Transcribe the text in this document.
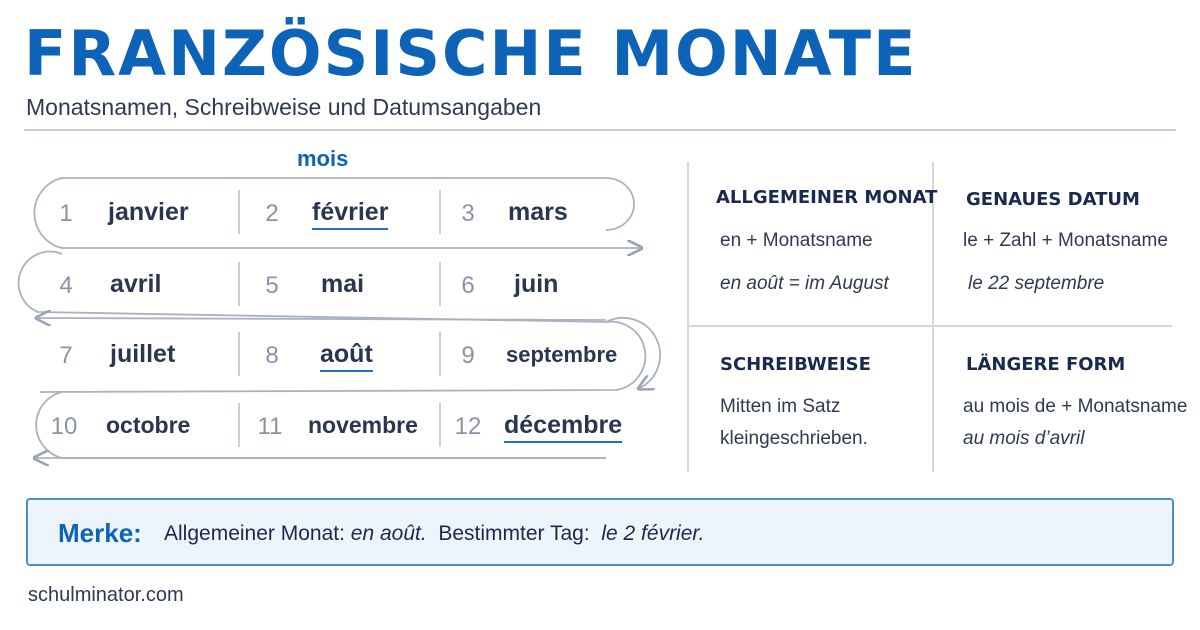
FRANZÖSISCHE MONATE
Monatsnamen, Schreibweise und Datumsangaben
mois
1	janvier	2	février	3	mars
4	avril	5	mai	6	juin
7	juillet	8	août	9	septembre
10 octobre	11 novembre 12 décembre
ALLGEMEINER MONAT
en + Monatsname
en août = im August
GENAUES DATUM
le + Zahl + Monatsname
le 22 septembre
SCHREIBWEISE
Mitten im Satz
kleingeschrieben.
LÄNGERE FORM
au mois de + Monatsname
au mois d’avril
Merke: Allgemeiner Monat: en août. Bestimmter Tag:  le 2 février.
schulminator.com
